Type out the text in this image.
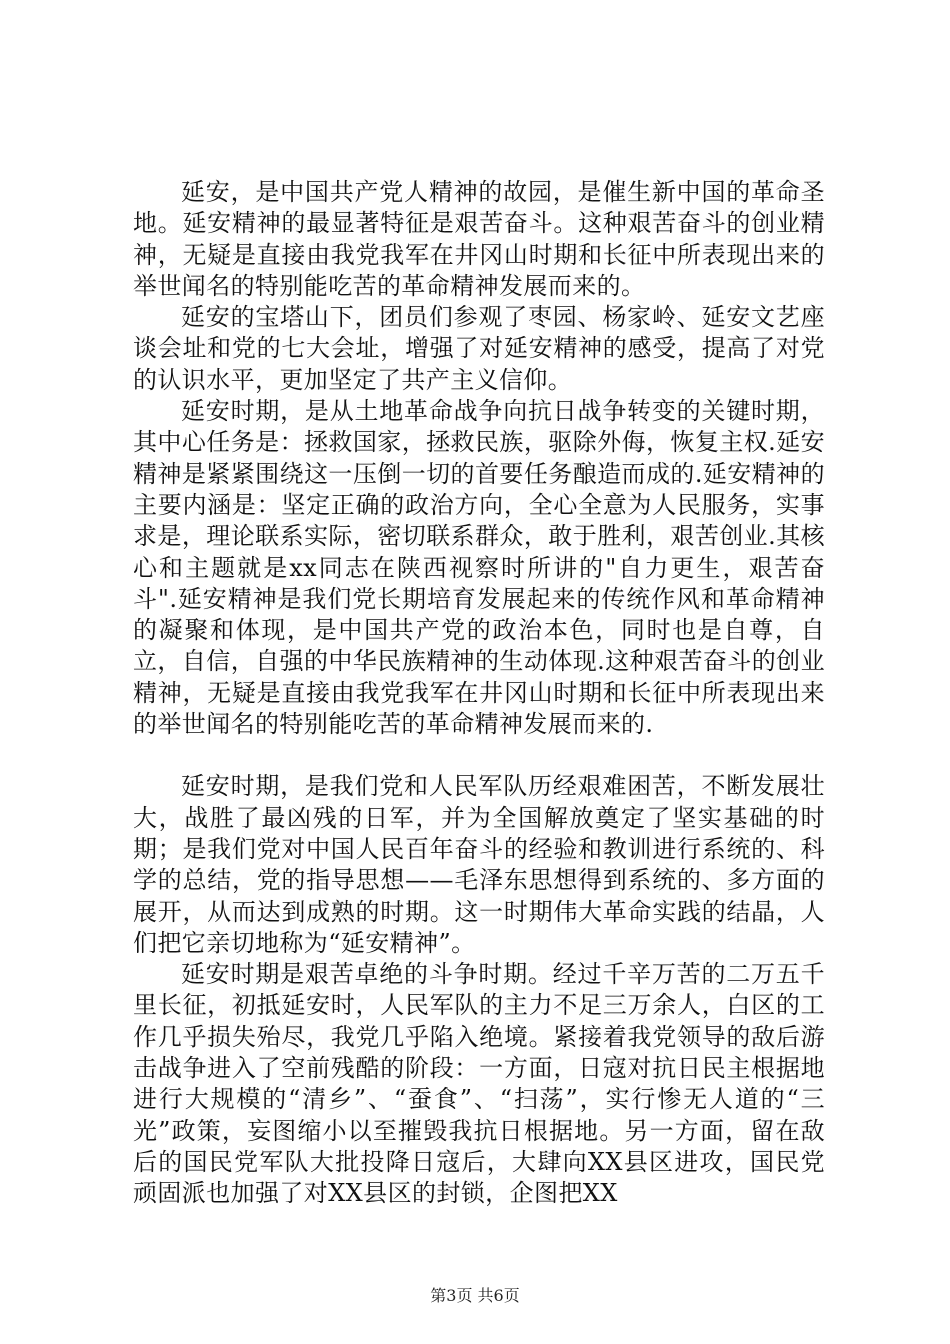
延安，是中国共产党人精神的故园，是催生新中国的革命圣地。延安精神的最显著特征是艰苦奋斗。这种艰苦奋斗的创业精神，无疑是直接由我党我军在井冈山时期和长征中所表现出来的举世闻名的特别能吃苦的革命精神发展而来的。

延安的宝塔山下，团员们参观了枣园、杨家岭、延安文艺座谈会址和党的七大会址，增强了对延安精神的感受，提高了对党的认识水平，更加坚定了共产主义信仰。

延安时期，是从土地革命战争向抗日战争转变的关键时期，其中心任务是：拯救国家，拯救民族，驱除外侮，恢复主权.延安精神是紧紧围绕这一压倒一切的首要任务酿造而成的.延安精神的主要内涵是：坚定正确的政治方向，全心全意为人民服务，实事求是，理论联系实际，密切联系群众，敢于胜利，艰苦创业.其核心和主题就是xx同志在陕西视察时所讲的"自力更生，艰苦奋斗".延安精神是我们党长期培育发展起来的传统作风和革命精神的凝聚和体现，是中国共产党的政治本色，同时也是自尊，自立，自信，自强的中华民族精神的生动体现.这种艰苦奋斗的创业精神，无疑是直接由我党我军在井冈山时期和长征中所表现出来的举世闻名的特别能吃苦的革命精神发展而来的.

延安时期，是我们党和人民军队历经艰难困苦，不断发展壮大，战胜了最凶残的日军，并为全国解放奠定了坚实基础的时期；是我们党对中国人民百年奋斗的经验和教训进行系统的、科学的总结，党的指导思想——毛泽东思想得到系统的、多方面的展开，从而达到成熟的时期。这一时期伟大革命实践的结晶，人们把它亲切地称为“延安精神”。

延安时期是艰苦卓绝的斗争时期。经过千辛万苦的二万五千里长征，初抵延安时，人民军队的主力不足三万余人，白区的工作几乎损失殆尽，我党几乎陷入绝境。紧接着我党领导的敌后游击战争进入了空前残酷的阶段：一方面，日寇对抗日民主根据地进行大规模的“清乡”、“蚕食”、“扫荡”，实行惨无人道的“三光”政策，妄图缩小以至摧毁我抗日根据地。另一方面，留在敌后的国民党军队大批投降日寇后，大肆向XX县区进攻，国民党顽固派也加强了对XX县区的封锁，企图把XX

第3页 共6页
